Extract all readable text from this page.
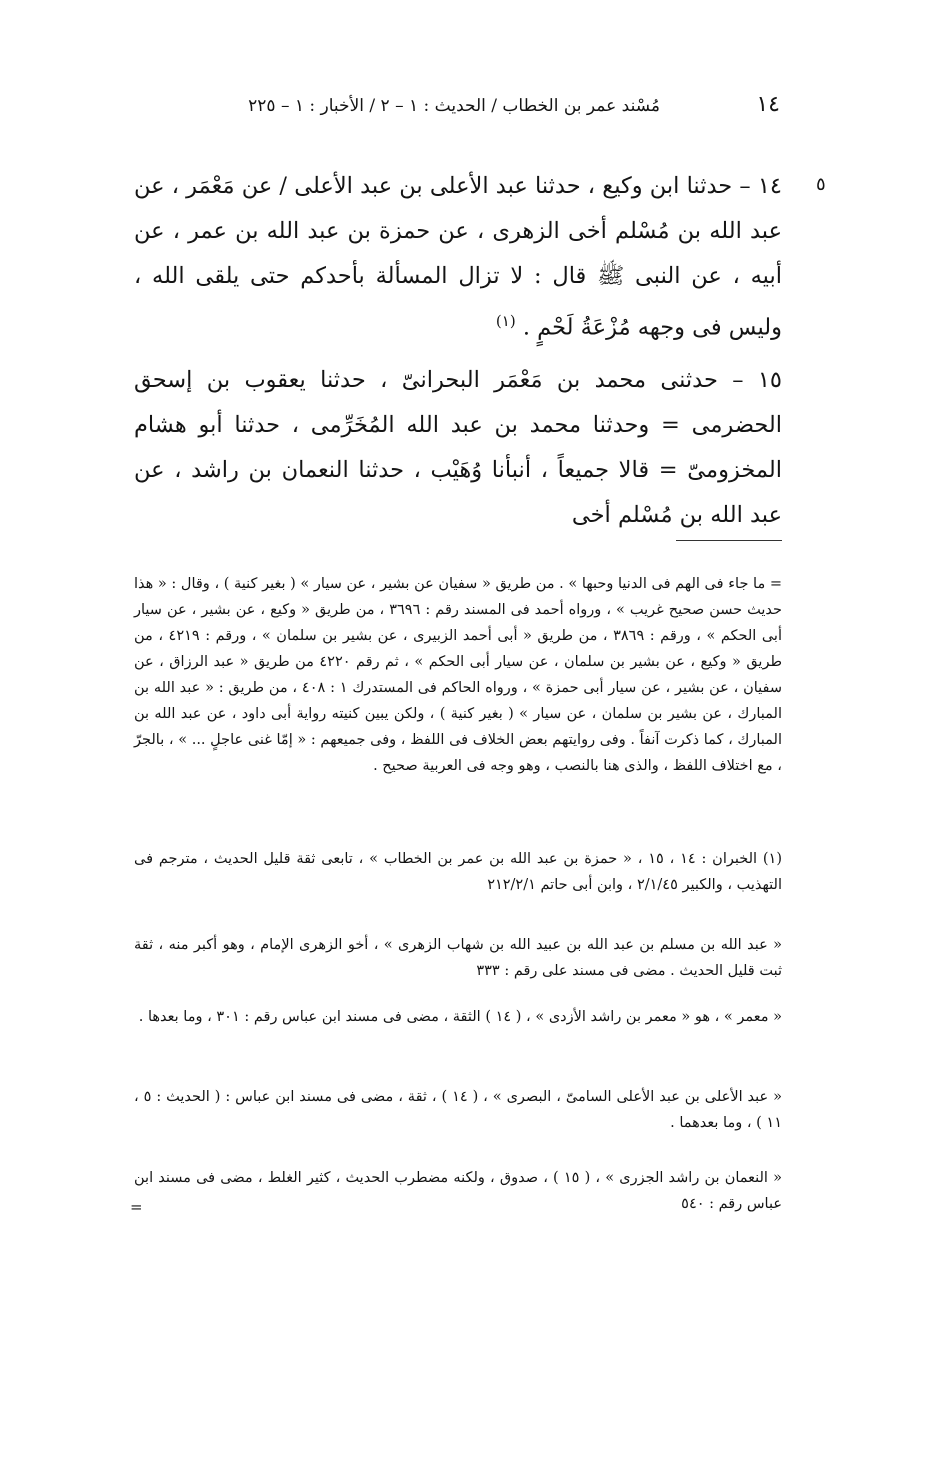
١٤
مُسْند عمر بن الخطاب / الحديث : ١ – ٢ / الأخبار : ١ – ٢٢٥
٥
١٤ – حدثنا ابن وكيع ، حدثنا عبد الأعلى بن عبد الأعلى / عن مَعْمَر ، عن عبد الله بن مُسْلم أخى الزهرى ، عن حمزة بن عبد الله بن عمر ، عن أبيه ، عن النبى ﷺ قال : لا تزال المسألة بأحدكم حتى يلقى الله ، وليس فى وجهه مُزْعَةُ لَحْمٍ . $^{(١)}$
١٥ – حدثنى محمد بن مَعْمَر البحرانىّ ، حدثنا يعقوب بن إسحق الحضرمى = وحدثنا محمد بن عبد الله المُخَرِّمى ، حدثنا أبو هشام المخزومىّ = قالا جميعاً ، أنبأنا وُهَيْب ، حدثنا النعمان بن راشد ، عن عبد الله بن مُسْلم أخى
= ما جاء فى الهم فى الدنيا وحبها » . من طريق « سفيان عن بشير ، عن سيار » ( بغير كنية ) ، وقال : « هذا حديث حسن صحيح غريب » ، ورواه أحمد فى المسند رقم : ٣٦٩٦ ، من طريق « وكيع ، عن بشير ، عن سيار أبى الحكم » ، ورقم : ٣٨٦٩ ، من طريق « أبى أحمد الزبيرى ، عن بشير بن سلمان » ، ورقم : ٤٢١٩ ، من طريق « وكيع ، عن بشير بن سلمان ، عن سيار أبى الحكم » ، ثم رقم ٤٢٢٠ من طريق « عبد الرزاق ، عن سفيان ، عن بشير ، عن سيار أبى حمزة » ، ورواه الحاكم فى المستدرك ١ : ٤٠٨ ، من طريق : « عبد الله بن المبارك ، عن بشير بن سلمان ، عن سيار » ( بغير كنية ) ، ولكن يبين كنيته رواية أبى داود ، عن عبد الله بن المبارك ، كما ذكرت آنفاً . وفى روايتهم بعض الخلاف فى اللفظ ، وفى جميعهم : « إمّا غنى عاجلٍ ... » ، بالجرّ ، مع اختلاف اللفظ ، والذى هنا بالنصب ، وهو وجه فى العربية صحيح .
(١) الخبران : ١٤ ، ١٥ ، « حمزة بن عبد الله بن عمر بن الخطاب » ، تابعى ثقة قليل الحديث ، مترجم فى التهذيب ، والكبير ٢/١/٤٥ ، وابن أبى حاتم ٢١٢/٢/١
« عبد الله بن مسلم بن عبد الله بن عبيد الله بن شهاب الزهرى » ، أخو الزهرى الإمام ، وهو أكبر منه ، ثقة ثبت قليل الحديث . مضى فى مسند على رقم : ٣٣٣
« معمر » ، هو « معمر بن راشد الأزدى » ، ( ١٤ ) الثقة ، مضى فى مسند ابن عباس رقم : ٣٠١ ، وما بعدها .
« عبد الأعلى بن عبد الأعلى السامىّ ، البصرى » ، ( ١٤ ) ، ثقة ، مضى فى مسند ابن عباس : ( الحديث : ٥ ، ١١ ) ، وما بعدهما .
« النعمان بن راشد الجزرى » ، ( ١٥ ) ، صدوق ، ولكنه مضطرب الحديث ، كثير الغلط ، مضى فى مسند ابن عباس رقم : ٥٤٠
=
